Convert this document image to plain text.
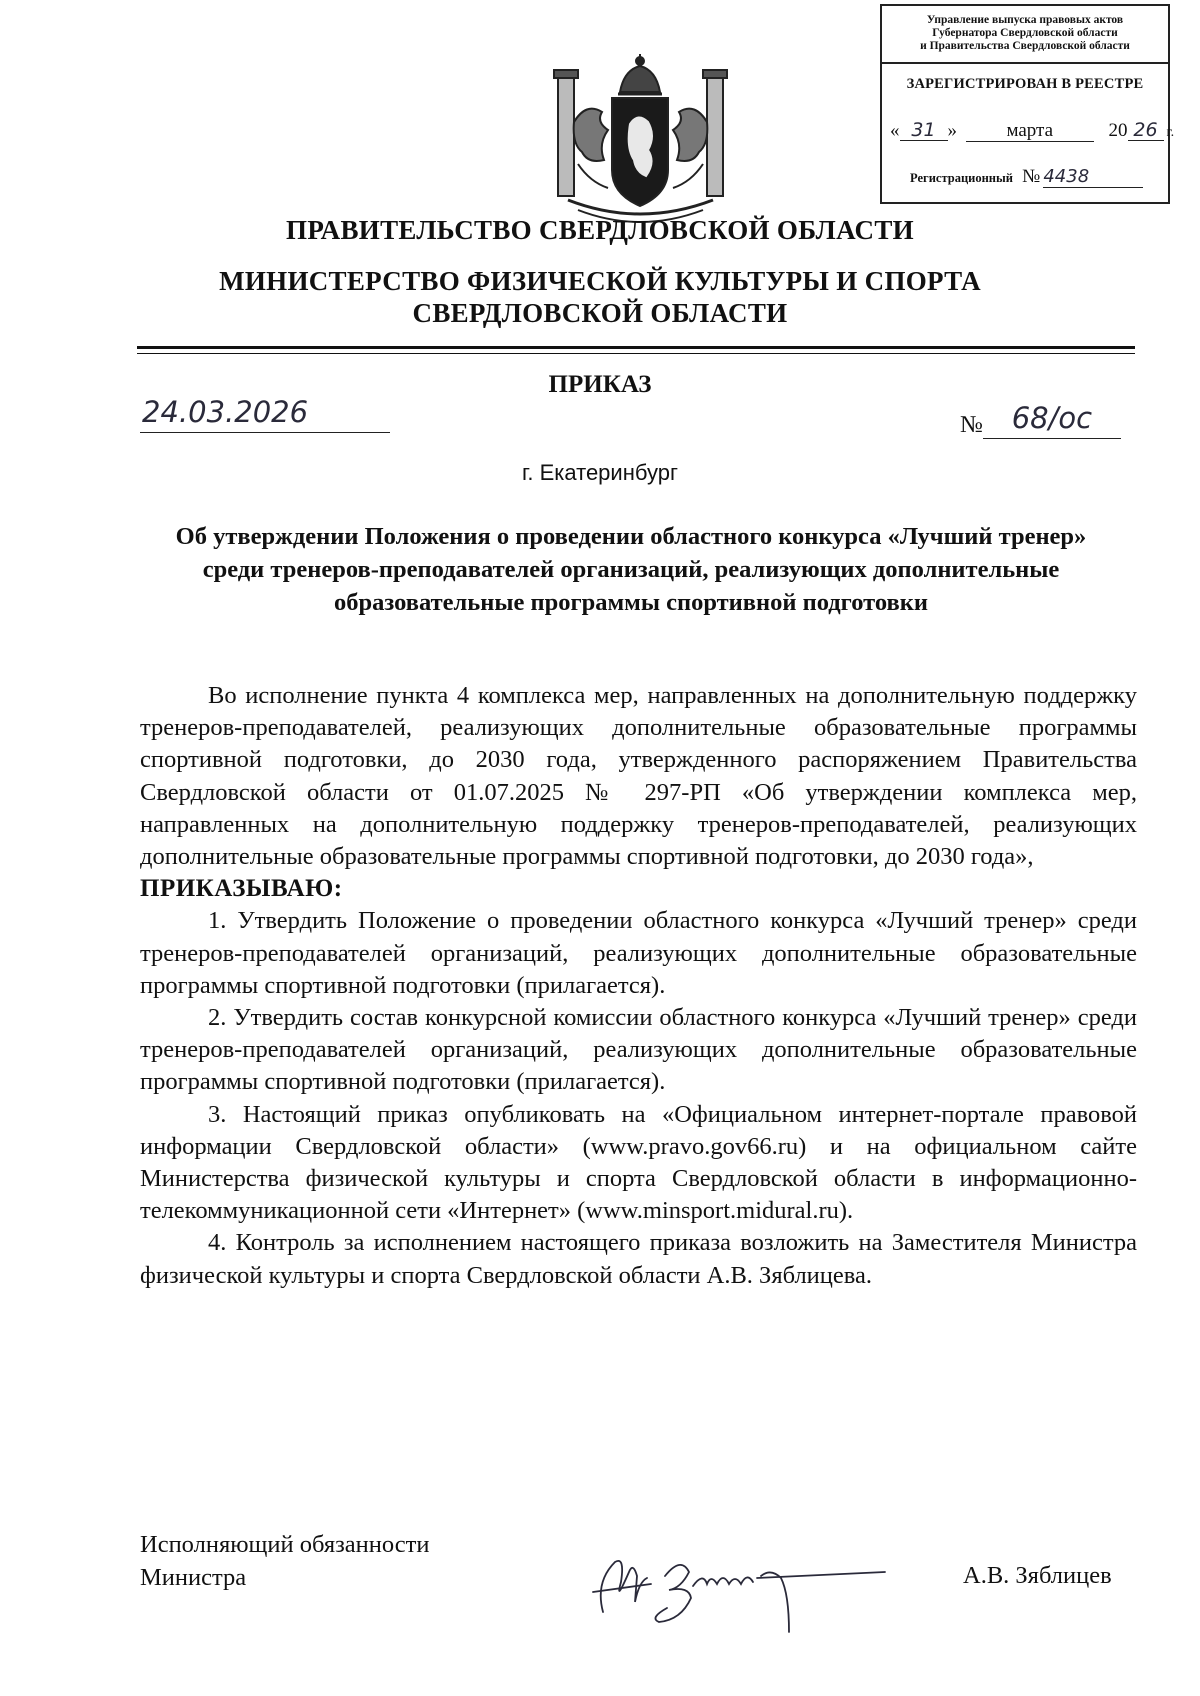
Управление выпуска правовых актов
Губернатора Свердловской области
и Правительства Свердловской области
ЗАРЕГИСТРИРОВАН В РЕЕСТРЕ
« 31 »	марта	20 26 г.
Регистрационный № 4438
ПРАВИТЕЛЬСТВО СВЕРДЛОВСКОЙ ОБЛАСТИ
МИНИСТЕРСТВО ФИЗИЧЕСКОЙ КУЛЬТУРЫ И СПОРТА
СВЕРДЛОВСКОЙ ОБЛАСТИ
ПРИКАЗ
24.03.2026	№ 68/ос
г. Екатеринбург
Об утверждении Положения о проведении областного конкурса «Лучший тренер» среди тренеров-преподавателей организаций, реализующих дополнительные образовательные программы спортивной подготовки

Во исполнение пункта 4 комплекса мер, направленных на дополнительную поддержку тренеров-преподавателей, реализующих дополнительные образовательные программы спортивной подготовки, до 2030 года, утвержденного распоряжением Правительства Свердловской области от 01.07.2025 № 297-РП «Об утверждении комплекса мер, направленных на дополнительную поддержку тренеров-преподавателей, реализующих дополнительные образовательные программы спортивной подготовки, до 2030 года»,

ПРИКАЗЫВАЮ:

1. Утвердить Положение о проведении областного конкурса «Лучший тренер» среди тренеров-преподавателей организаций, реализующих дополнительные образовательные программы спортивной подготовки (прилагается).

2. Утвердить состав конкурсной комиссии областного конкурса «Лучший тренер» среди тренеров-преподавателей организаций, реализующих дополнительные образовательные программы спортивной подготовки (прилагается).

3. Настоящий приказ опубликовать на «Официальном интернет-портале правовой информации Свердловской области» (www.pravo.gov66.ru) и на официальном сайте Министерства физической культуры и спорта Свердловской области в информационно-телекоммуникационной сети «Интернет» (www.minsport.midural.ru).

4. Контроль за исполнением настоящего приказа возложить на Заместителя Министра физической культуры и спорта Свердловской области А.В. Зяблицева.

Исполняющий обязанности
Министра	А.В. Зяблицев
